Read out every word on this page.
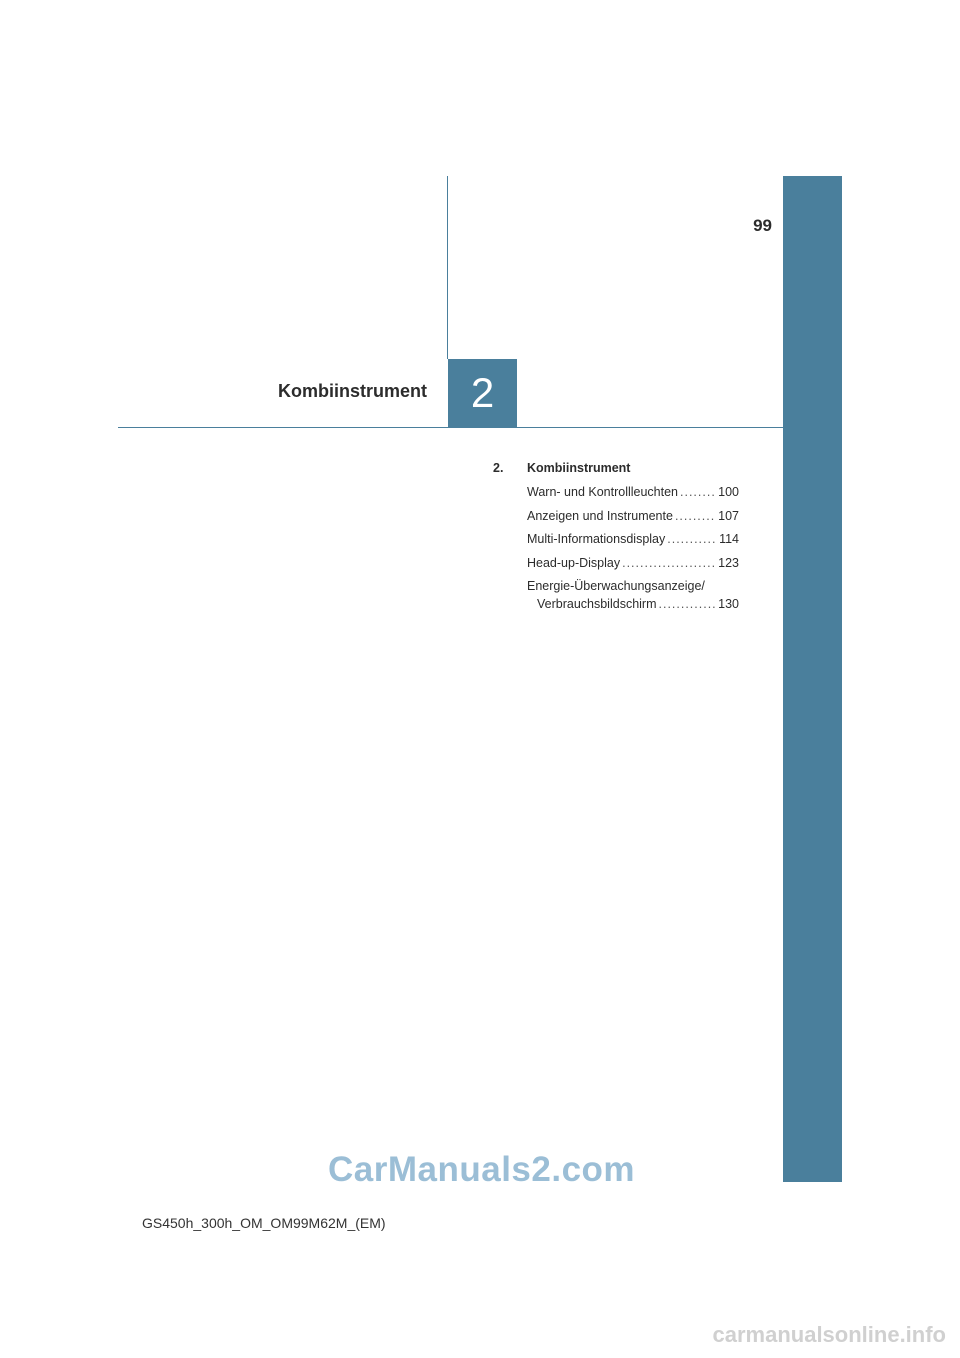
99
Kombiinstrument 2
2.	Kombiinstrument
Warn- und Kontrollleuchten .....	100
Anzeigen und Instrumente .....	107
Multi-Informationsdisplay .....	114
Head-up-Display .....	123
Energie-Überwachungsanzeige/
Verbrauchsbildschirm .....	130
CarManuals2.com
GS450h_300h_OM_OM99M62M_(EM)
carmanualsonline.info
